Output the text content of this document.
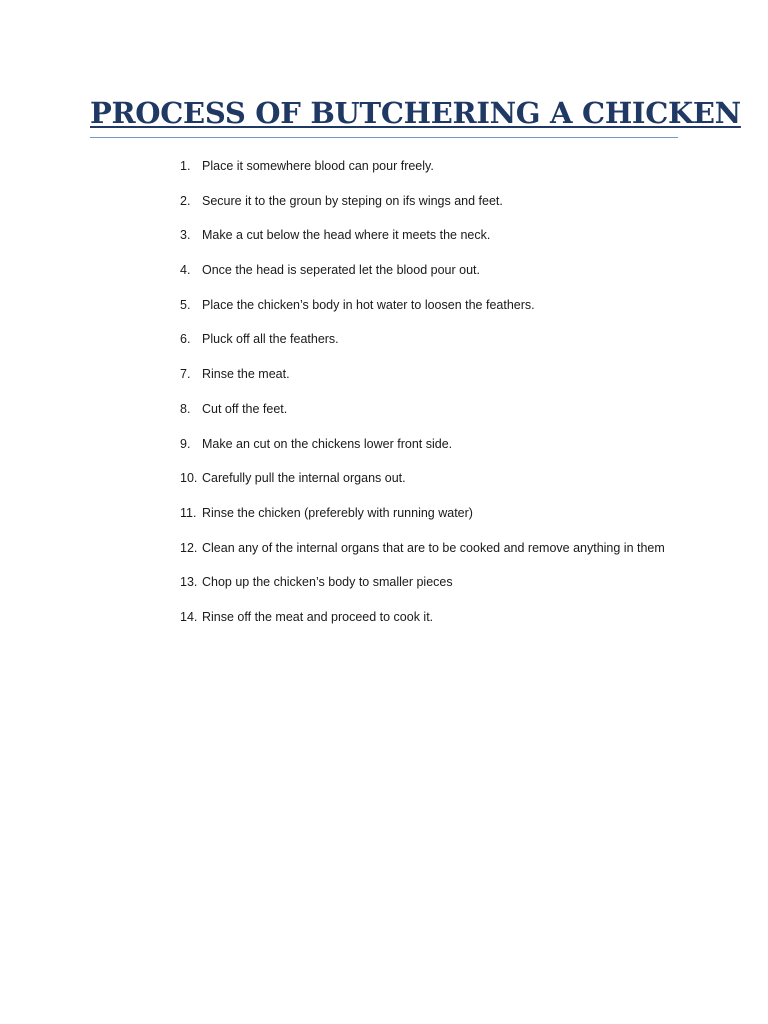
PROCESS OF BUTCHERING A CHICKEN
1. Place it somewhere blood can pour freely.
2. Secure it to the groun by steping on ifs wings and feet.
3. Make a cut below the head where it meets the neck.
4. Once the head is seperated let the blood pour out.
5. Place the chicken’s body in hot water to loosen the feathers.
6. Pluck off all the feathers.
7. Rinse the meat.
8. Cut off the feet.
9. Make an cut on the chickens lower front side.
10. Carefully pull the internal organs out.
11. Rinse the chicken (preferebly with running water)
12. Clean any of the internal organs that are to be cooked and remove anything in them
13. Chop up the chicken’s body to smaller pieces
14. Rinse off the meat and proceed to cook it.
